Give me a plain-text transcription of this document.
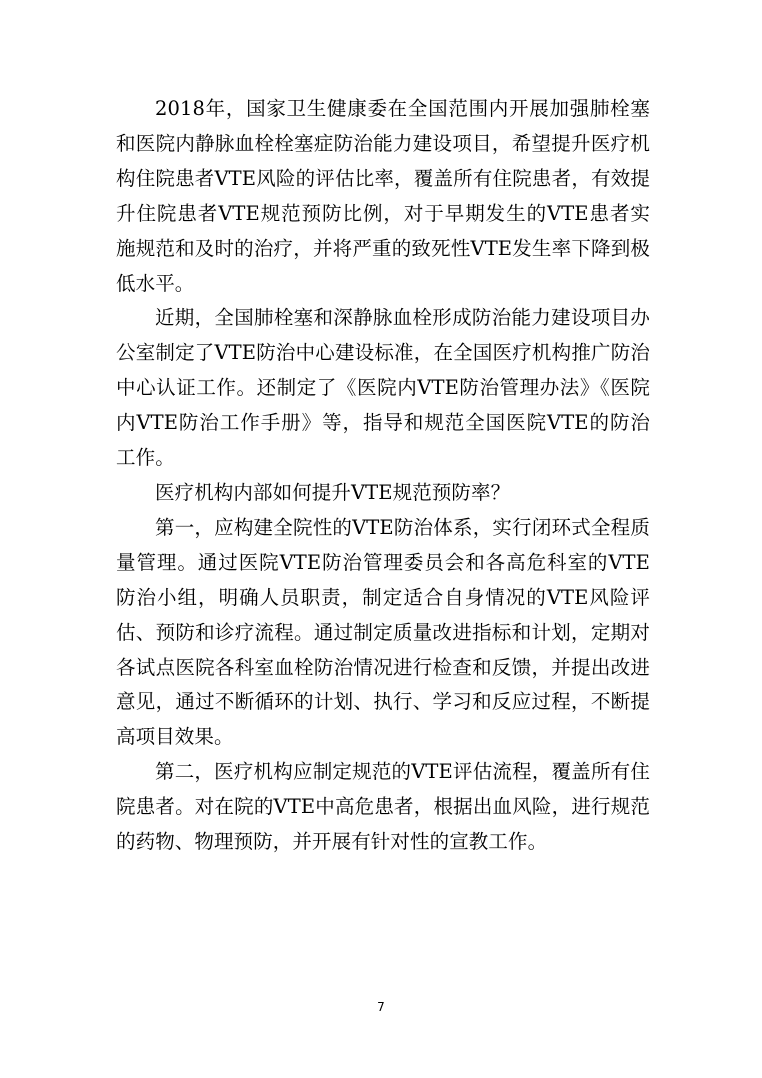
2018年，国家卫生健康委在全国范围内开展加强肺栓塞和医院内静脉血栓栓塞症防治能力建设项目，希望提升医疗机构住院患者VTE风险的评估比率，覆盖所有住院患者，有效提升住院患者VTE规范预防比例，对于早期发生的VTE患者实施规范和及时的治疗，并将严重的致死性VTE发生率下降到极低水平。

近期，全国肺栓塞和深静脉血栓形成防治能力建设项目办公室制定了VTE防治中心建设标准，在全国医疗机构推广防治中心认证工作。还制定了《医院内VTE防治管理办法》《医院内VTE防治工作手册》等，指导和规范全国医院VTE的防治工作。

医疗机构内部如何提升VTE规范预防率？

第一，应构建全院性的VTE防治体系，实行闭环式全程质量管理。通过医院VTE防治管理委员会和各高危科室的VTE防治小组，明确人员职责，制定适合自身情况的VTE风险评估、预防和诊疗流程。通过制定质量改进指标和计划，定期对各试点医院各科室血栓防治情况进行检查和反馈，并提出改进意见，通过不断循环的计划、执行、学习和反应过程，不断提高项目效果。

第二，医疗机构应制定规范的VTE评估流程，覆盖所有住院患者。对在院的VTE中高危患者，根据出血风险，进行规范的药物、物理预防，并开展有针对性的宣教工作。

7
